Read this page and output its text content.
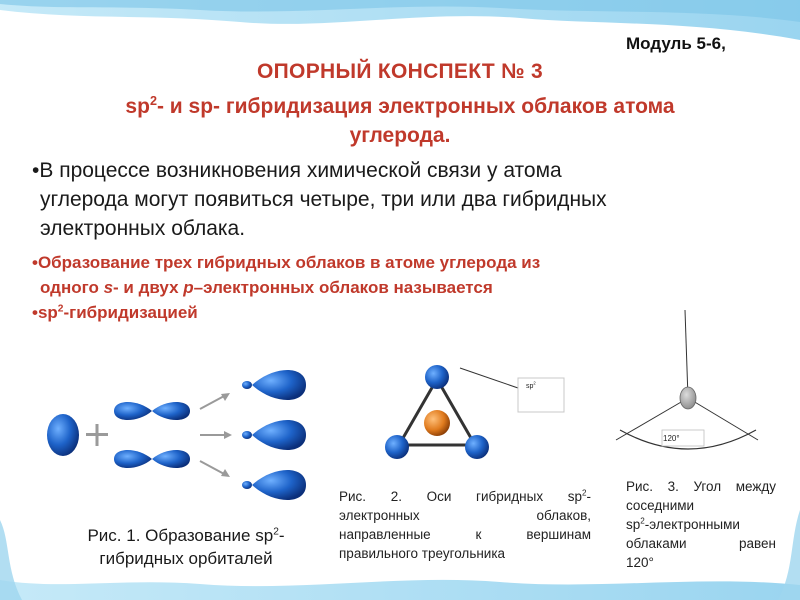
Модуль 5-6,
ОПОРНЫЙ КОНСПЕКТ № 3
$sp^2-$ и sp- гибридизация электронных облаков атома
углерода.
•В процессе возникновения химической связи у атома
углерода могут появиться четыре, три или два гибридных
электронных облака.
•Образование трех гибридных облаков в атоме углерода из
одного s- и двух p–электронных облаков называется
$•sp^2$-гибридизацией
Рис. 1. Образование $sp^2-$
гибридных орбиталей
$sp^2$
Рис. 2. Оси гибридных $sp^2-$
электронных облаков,
направленные к вершинам
правильного треугольника
120°
Рис. 3. Угол между
соседними
$sp^2$-электронными
облаками равен
120°
